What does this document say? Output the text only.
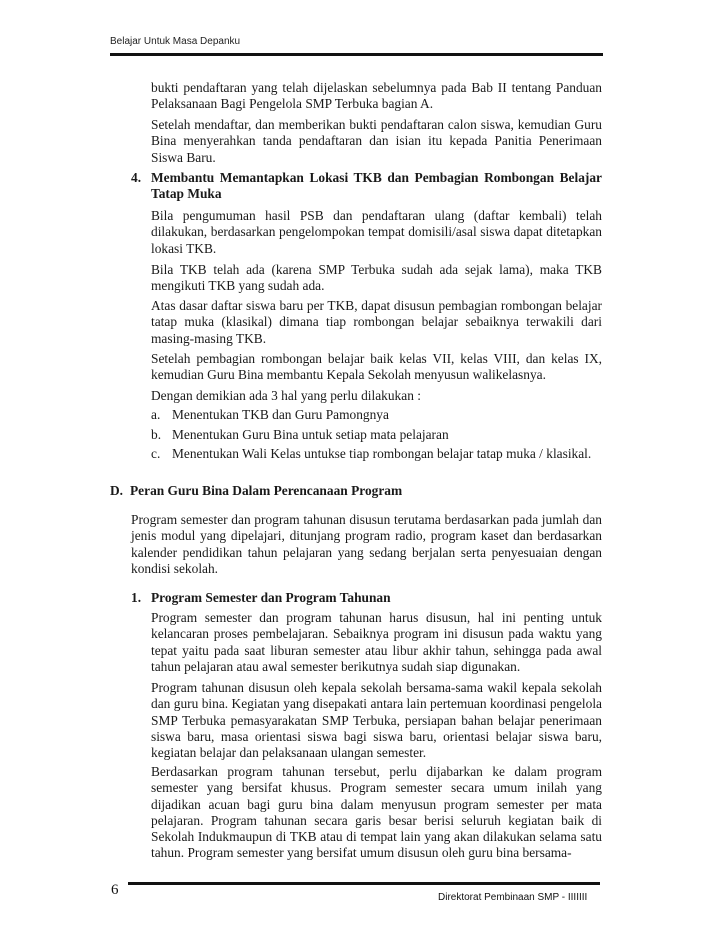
Belajar Untuk Masa Depanku
bukti pendaftaran yang telah dijelaskan sebelumnya pada Bab II tentang Panduan Pelaksanaan Bagi Pengelola SMP Terbuka bagian A.
Setelah mendaftar, dan memberikan bukti pendaftaran calon siswa, kemudian Guru Bina menyerahkan tanda pendaftaran dan isian itu kepada Panitia Penerimaan Siswa Baru.
4. Membantu Memantapkan Lokasi TKB dan Pembagian Rombongan Belajar Tatap Muka
Bila pengumuman hasil PSB dan pendaftaran ulang (daftar kembali) telah dilakukan, berdasarkan pengelompokan tempat domisili/asal siswa dapat ditetapkan lokasi TKB.
Bila TKB telah ada (karena SMP Terbuka sudah ada sejak lama), maka TKB mengikuti TKB yang sudah ada.
Atas dasar daftar siswa baru per TKB, dapat disusun pembagian rombongan belajar tatap muka (klasikal) dimana tiap rombongan belajar sebaiknya terwakili dari masing-masing TKB.
Setelah pembagian rombongan belajar baik kelas VII, kelas VIII, dan kelas IX, kemudian Guru Bina membantu Kepala Sekolah menyusun walikelasnya.
Dengan demikian ada 3 hal yang perlu dilakukan :
a. Menentukan TKB dan Guru Pamongnya
b. Menentukan Guru Bina untuk setiap mata pelajaran
c. Menentukan Wali Kelas untukse tiap rombongan belajar tatap muka / klasikal.
D. Peran Guru Bina Dalam Perencanaan Program
Program semester dan program tahunan disusun terutama berdasarkan pada jumlah dan jenis modul yang dipelajari, ditunjang program radio, program kaset dan berdasarkan kalender pendidikan tahun pelajaran yang sedang berjalan serta penyesuaian dengan kondisi sekolah.
1. Program Semester dan Program Tahunan
Program semester dan program tahunan harus disusun, hal ini penting untuk kelancaran proses pembelajaran. Sebaiknya program ini disusun pada waktu yang tepat yaitu pada saat liburan semester atau libur akhir tahun, sehingga pada awal tahun pelajaran atau awal semester berikutnya sudah siap digunakan.
Program tahunan disusun oleh kepala sekolah bersama-sama wakil kepala sekolah dan guru bina. Kegiatan yang disepakati antara lain pertemuan koordinasi pengelola SMP Terbuka pemasyarakatan SMP Terbuka, persiapan bahan belajar penerimaan siswa baru, masa orientasi siswa bagi siswa baru, orientasi belajar siswa baru, kegiatan belajar dan pelaksanaan ulangan semester.
Berdasarkan program tahunan tersebut, perlu dijabarkan ke dalam program semester yang bersifat khusus. Program semester secara umum inilah yang dijadikan acuan bagi guru bina dalam menyusun program semester per mata pelajaran. Program tahunan secara garis besar berisi seluruh kegiatan baik di Sekolah Indukmaupun di TKB atau di tempat lain yang akan dilakukan selama satu tahun. Program semester yang bersifat umum disusun oleh guru bina bersama-
6	Direktorat Pembinaan SMP - IIIIIII
